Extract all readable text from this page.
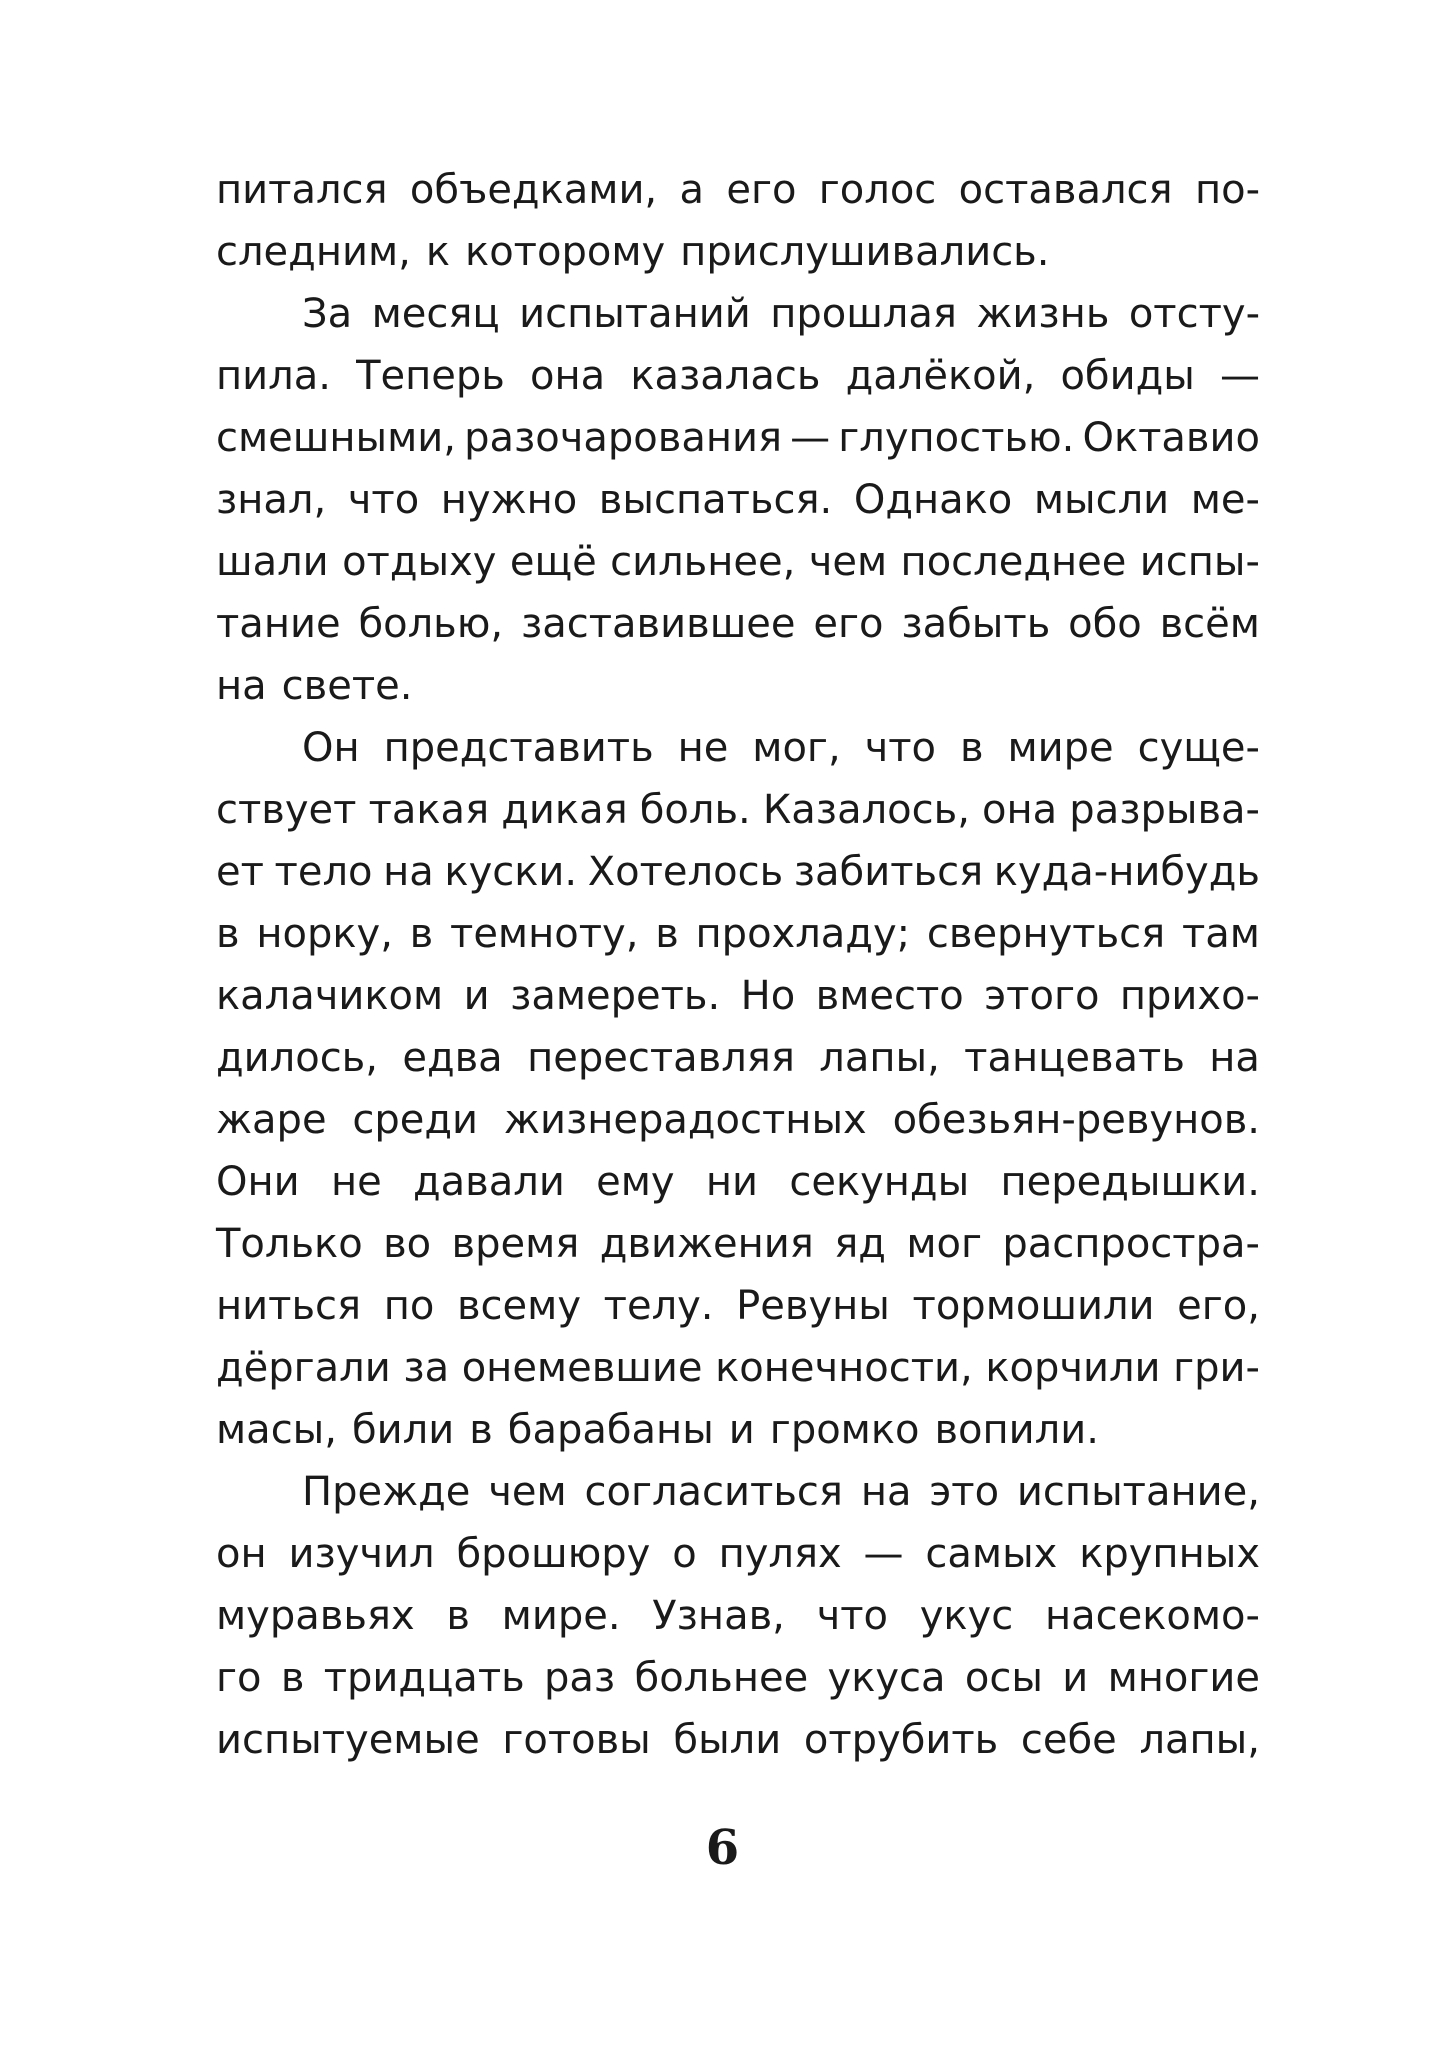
питался объедками, а его голос оставался по-
следним, к которому прислушивались.
За месяц испытаний прошлая жизнь отсту-
пила. Теперь она казалась далёкой, обиды —
смешными, разочарования — глупостью. Октавио
знал, что нужно выспаться. Однако мысли ме-
шали отдыху ещё сильнее, чем последнее испы-
тание болью, заставившее его забыть обо всём
на свете.
Он представить не мог, что в мире суще-
ствует такая дикая боль. Казалось, она разрыва-
ет тело на куски. Хотелось забиться куда-нибудь
в норку, в темноту, в прохладу; свернуться там
калачиком и замереть. Но вместо этого прихо-
дилось, едва переставляя лапы, танцевать на
жаре среди жизнерадостных обезьян-ревунов.
Они не давали ему ни секунды передышки.
Только во время движения яд мог распростра-
ниться по всему телу. Ревуны тормошили его,
дёргали за онемевшие конечности, корчили гри-
масы, били в барабаны и громко вопили.
Прежде чем согласиться на это испытание,
он изучил брошюру о пулях — самых крупных
муравьях в мире. Узнав, что укус насекомо-
го в тридцать раз больнее укуса осы и многие
испытуемые готовы были отрубить себе лапы,
6
